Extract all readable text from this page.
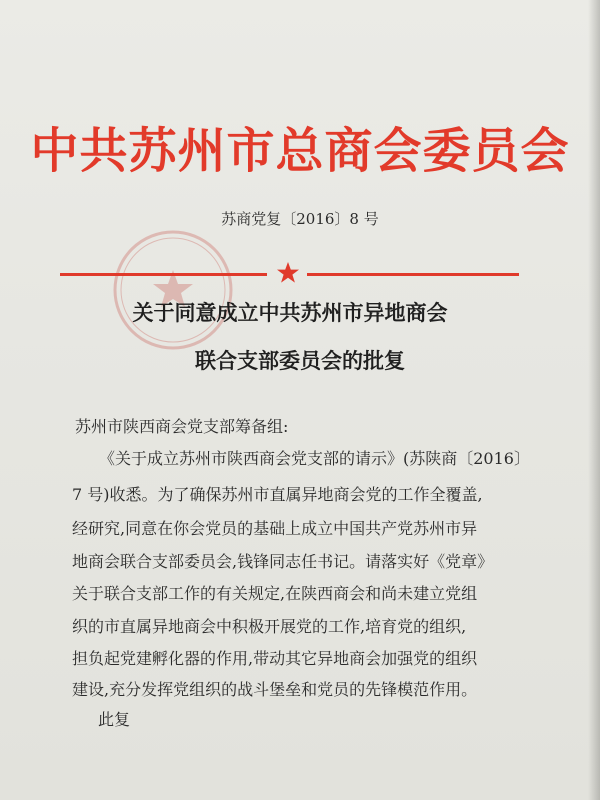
中共苏州市总商会委员会
苏商党复〔2016〕8 号
关于同意成立中共苏州市异地商会
联合支部委员会的批复
苏州市陕西商会党支部筹备组:
《关于成立苏州市陕西商会党支部的请示》(苏陕商〔2016〕
7 号)收悉。为了确保苏州市直属异地商会党的工作全覆盖,
经研究,同意在你会党员的基础上成立中国共产党苏州市异
地商会联合支部委员会,钱锋同志任书记。请落实好《党章》
关于联合支部工作的有关规定,在陕西商会和尚未建立党组
织的市直属异地商会中积极开展党的工作,培育党的组织,
担负起党建孵化器的作用,带动其它异地商会加强党的组织
建设,充分发挥党组织的战斗堡垒和党员的先锋模范作用。
此复
